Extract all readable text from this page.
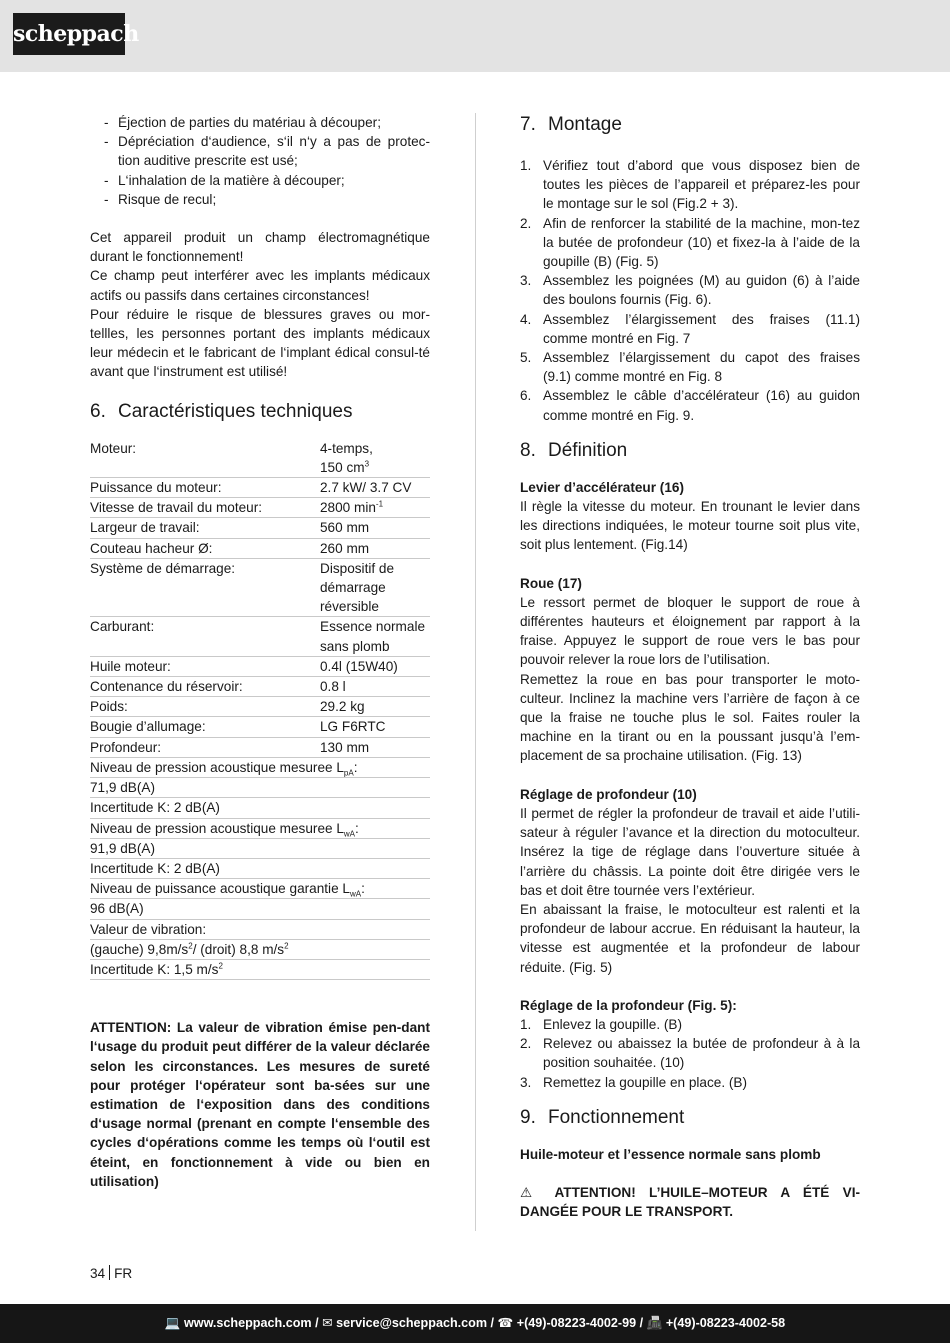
scheppach
- Éjection de parties du matériau à découper;
- Dépréciation d‘audience, s‘il n‘y a pas de protec-tion auditive prescrite est usé;
- L‘inhalation de la matière à découper;
- Risque de recul;

Cet appareil produit un champ électromagnétique durant le fonctionnement!

Ce champ peut interférer avec les implants médicaux actifs ou passifs dans certaines circonstances!

Pour réduire le risque de blessures graves ou mor-tellles, les personnes portant des implants médicaux leur médecin et le fabricant de l‘implant édical consul-té avant que l‘instrument est utilisé!

6. Caractéristiques techniques
Moteur:	4-temps,
150 $cm^3$
Puissance du moteur:	2.7 kW/ 3.7 CV
Vitesse de travail du moteur:	2800 $\min^{-1}$
Largeur de travail:	560 mm
Couteau hacheur Ø:	260 mm
Système de démarrage:	Dispositif de démarrage réversible
Carburant:	Essence normale sans plomb
Huile moteur:	0.4l (15W40)
Contenance du réservoir:	0.8 l
Poids:	29.2 kg
Bougie d’allumage:	LG F6RTC
Profondeur:	130 mm
Niveau de pression acoustique mesuree $L_{pA}$:	
71,9 dB(A)	
Incertitude K: 2 dB(A)	
Niveau de pression acoustique mesuree $L_{wA}$:	
91,9 dB(A)	
Incertitude K: 2 dB(A)	
Niveau de puissance acoustique garantie $L_{wA}$:	
96 dB(A)	
Valeur de vibration:	
(gauche) $9,8m/s^2/$ (droit) 8,8 $m/s^2$
Incertitude K: 1,5 $m/s^2$

ATTENTION: La valeur de vibration émise pen-dant l‘usage du produit peut différer de la valeur déclarée selon les circonstances. Les mesures de sureté pour protéger l‘opérateur sont ba-sées sur une estimation de l‘exposition dans des conditions d‘usage normal (prenant en compte l‘ensemble des cycles d‘opérations comme les temps où l‘outil est éteint, en fonctionnement à vide ou bien en utilisation)

7. Montage
1. Vérifiez tout d’abord que vous disposez bien de toutes les pièces de l’appareil et préparez-les pour le montage sur le sol (Fig.2 + 3).
2. Afin de renforcer la stabilité de la machine, mon-tez la butée de profondeur (10) et fixez-la à l’aide de la goupille (B) (Fig. 5)
3. Assemblez les poignées (M) au guidon (6) à l’aide des boulons fournis (Fig. 6).
4. Assemblez l’élargissement des fraises (11.1) comme montré en Fig. 7
5. Assemblez l’élargissement du capot des fraises (9.1) comme montré en Fig. 8
6. Assemblez le câble d’accélérateur (16) au guidon comme montré en Fig. 9.
8. Définition

Levier d’accélérateur (16)

Il règle la vitesse du moteur. En trounant le levier dans les directions indiquées, le moteur tourne soit plus vite, soit plus lentement. (Fig.14)

Roue (17)

Le ressort permet de bloquer le support de roue à différentes hauteurs et éloignement par rapport à la fraise. Appuyez le support de roue vers le bas pour pouvoir relever la roue lors de l’utilisation.

Remettez la roue en bas pour transporter le moto-culteur. Inclinez la machine vers l’arrière de façon à ce que la fraise ne touche plus le sol. Faites rouler la machine en la tirant ou en la poussant jusqu’à l’em-placement de sa prochaine utilisation. (Fig. 13)

Réglage de profondeur (10)

Il permet de régler la profondeur de travail et aide l’utili-sateur à réguler l’avance et la direction du motoculteur. Insérez la tige de réglage dans l’ouverture située à l’arrière du châssis. La pointe doit être dirigée vers le bas et doit être tournée vers l’extérieur.

En abaissant la fraise, le motoculteur est ralenti et la profondeur de labour accrue. En réduisant la hauteur, la vitesse est augmentée et la profondeur de labour réduite. (Fig. 5)

Réglage de la profondeur (Fig. 5):

1. Enlevez la goupille. (B)
2. Relevez ou abaissez la butée de profondeur à à la position souhaitée. (10)
3. Remettez la goupille en place. (B)
9. Fonctionnement

Huile-moteur et l’essence normale sans plomb

⚠ ATTENTION! L’HUILE–MOTEUR A ÉTÉ VI-DANGÉE POUR LE TRANSPORT.

34 FR
💻 www.scheppach.com / ✉ service@scheppach.com / ☎ +(49)-08223-4002-99 / 📠 +(49)-08223-4002-58
